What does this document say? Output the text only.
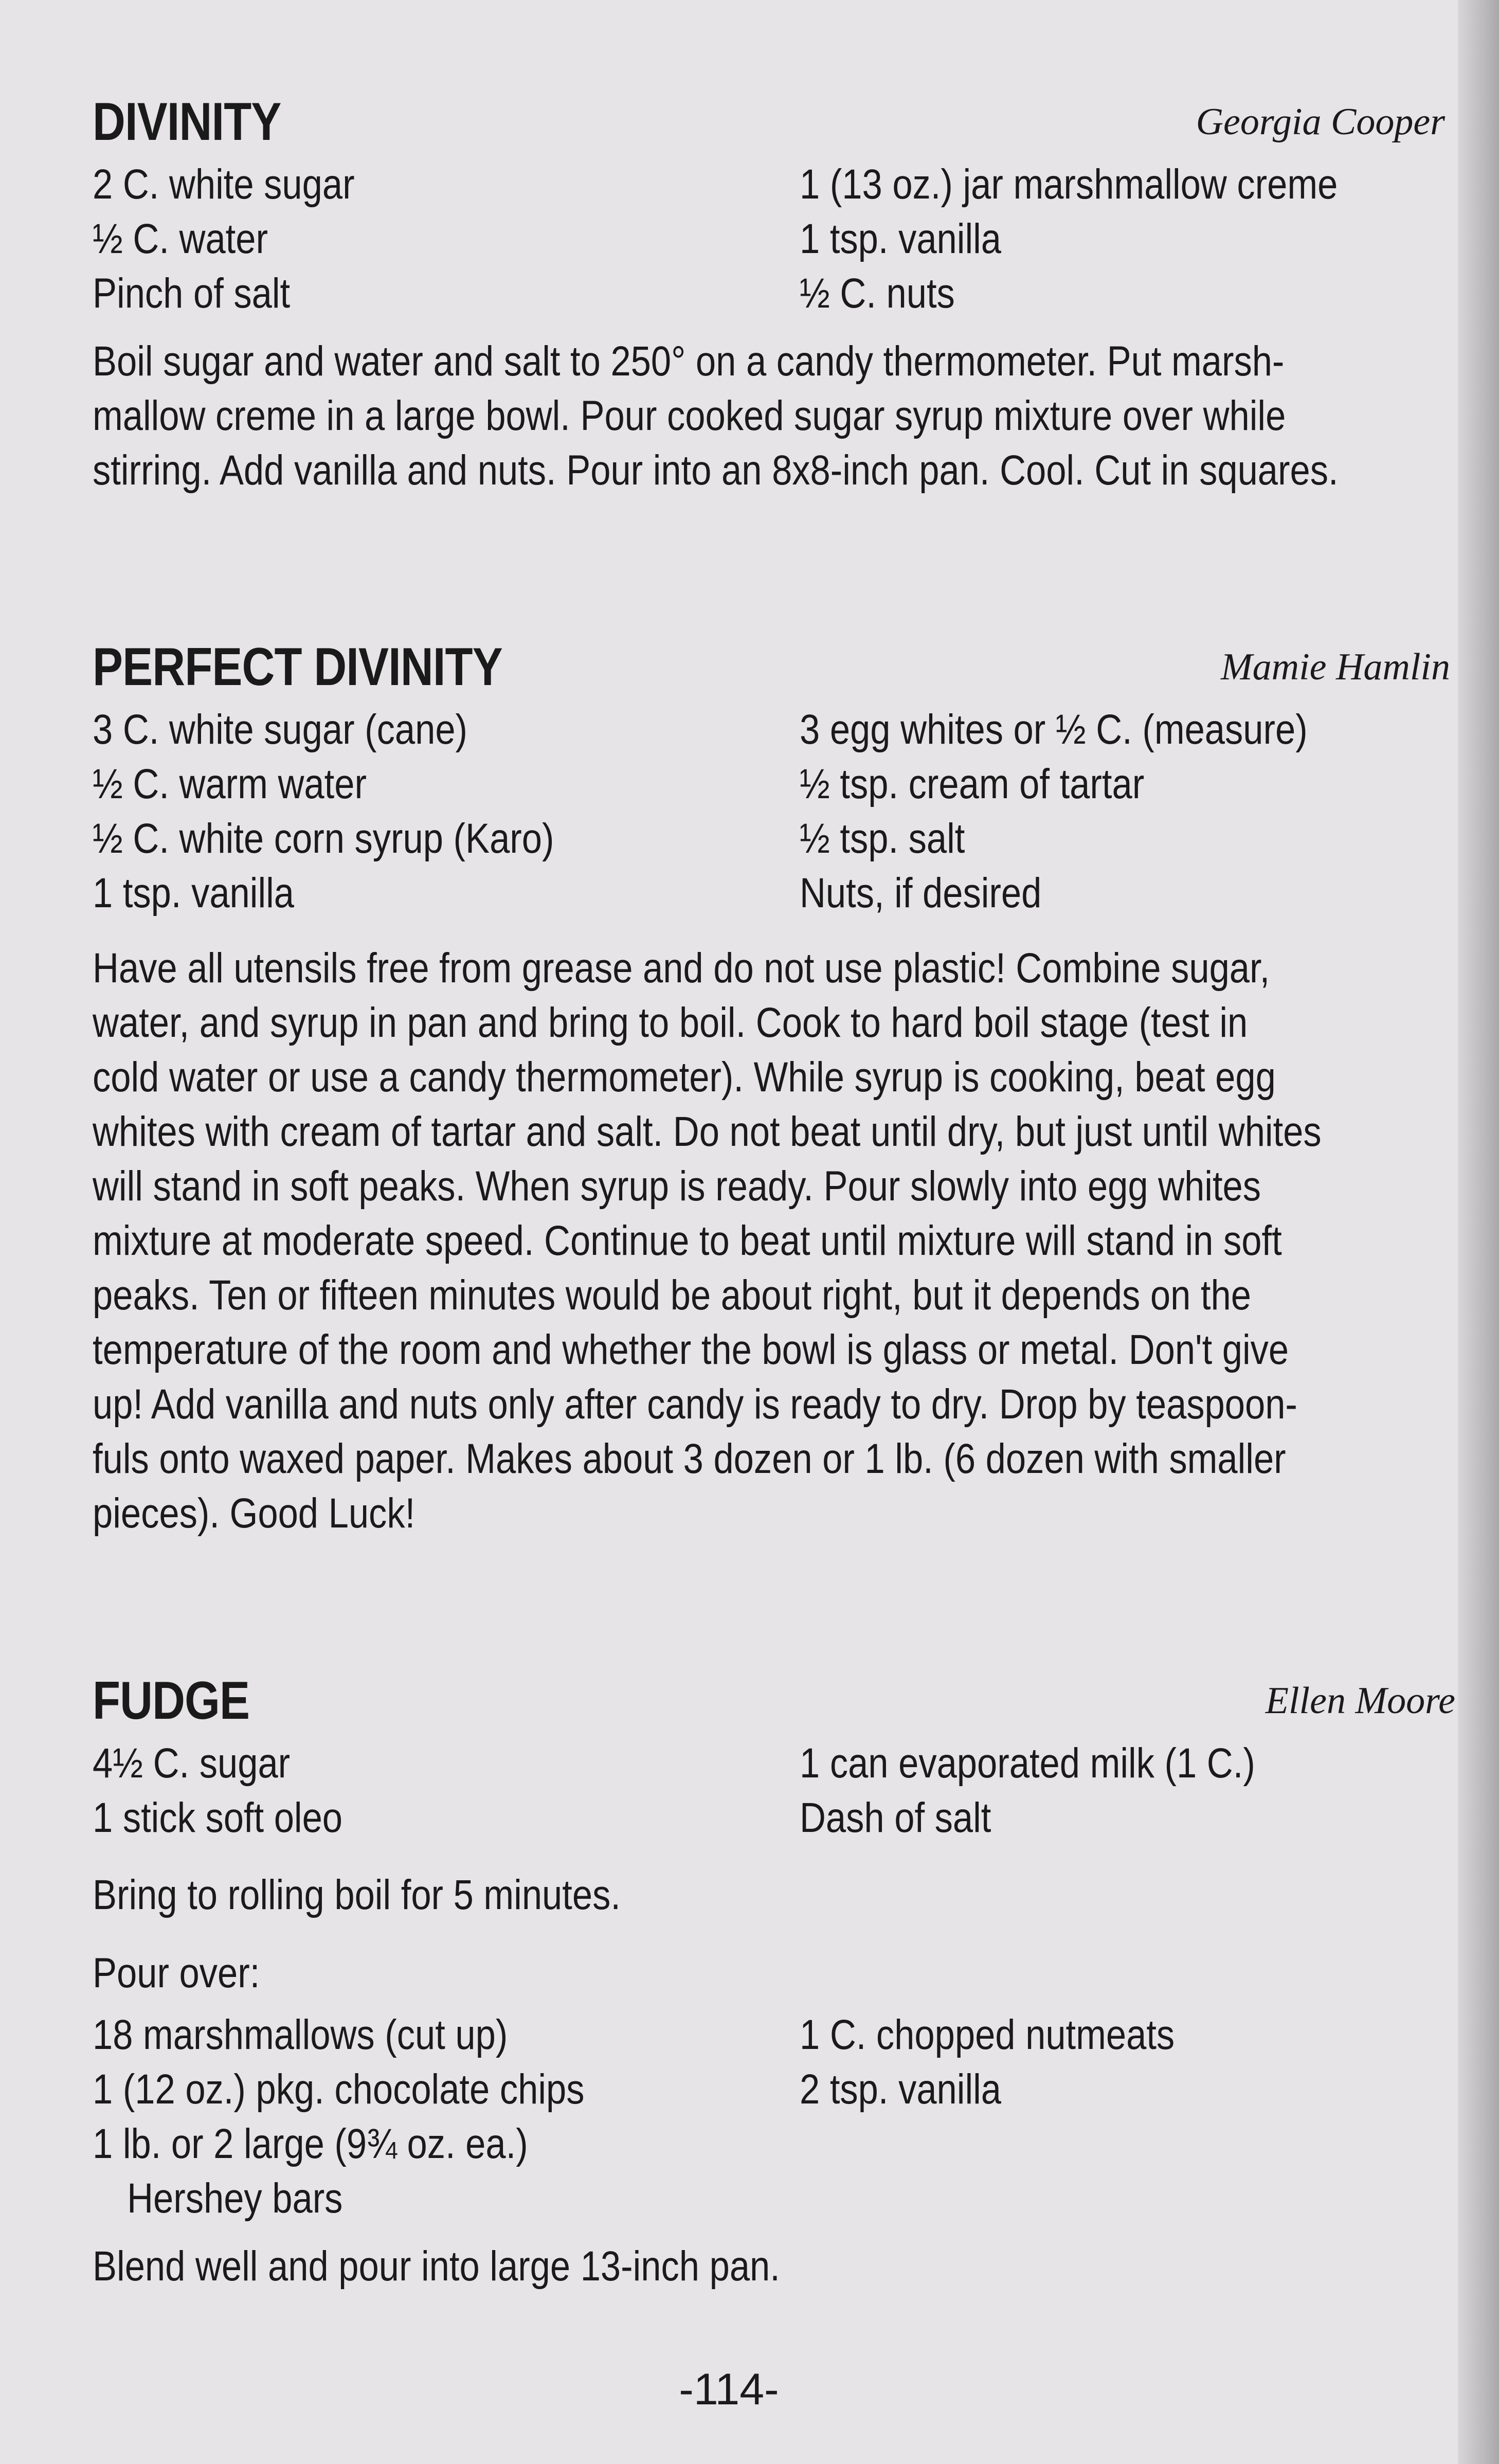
DIVINITY	Georgia Cooper
2 C. white sugar
½ C. water
Pinch of salt
1 (13 oz.) jar marshmallow creme
1 tsp. vanilla
½ C. nuts
Boil sugar and water and salt to 250° on a candy thermometer. Put marsh-
mallow creme in a large bowl. Pour cooked sugar syrup mixture over while
stirring. Add vanilla and nuts. Pour into an 8x8-inch pan. Cool. Cut in squares.
PERFECT DIVINITY	Mamie Hamlin
3 C. white sugar (cane)
½ C. warm water
½ C. white corn syrup (Karo)
1 tsp. vanilla
3 egg whites or ½ C. (measure)
½ tsp. cream of tartar
½ tsp. salt
Nuts, if desired
Have all utensils free from grease and do not use plastic! Combine sugar,
water, and syrup in pan and bring to boil. Cook to hard boil stage (test in
cold water or use a candy thermometer). While syrup is cooking, beat egg
whites with cream of tartar and salt. Do not beat until dry, but just until whites
will stand in soft peaks. When syrup is ready. Pour slowly into egg whites
mixture at moderate speed. Continue to beat until mixture will stand in soft
peaks. Ten or fifteen minutes would be about right, but it depends on the
temperature of the room and whether the bowl is glass or metal. Don't give
up! Add vanilla and nuts only after candy is ready to dry. Drop by teaspoon-
fuls onto waxed paper. Makes about 3 dozen or 1 lb. (6 dozen with smaller
pieces). Good Luck!
FUDGE	Ellen Moore
4½ C. sugar
1 stick soft oleo
1 can evaporated milk (1 C.)
Dash of salt
Bring to rolling boil for 5 minutes.
Pour over:
18 marshmallows (cut up)
1 (12 oz.) pkg. chocolate chips
1 lb. or 2 large (9¾ oz. ea.)
Hershey bars
1 C. chopped nutmeats
2 tsp. vanilla
Blend well and pour into large 13-inch pan.
-114-
